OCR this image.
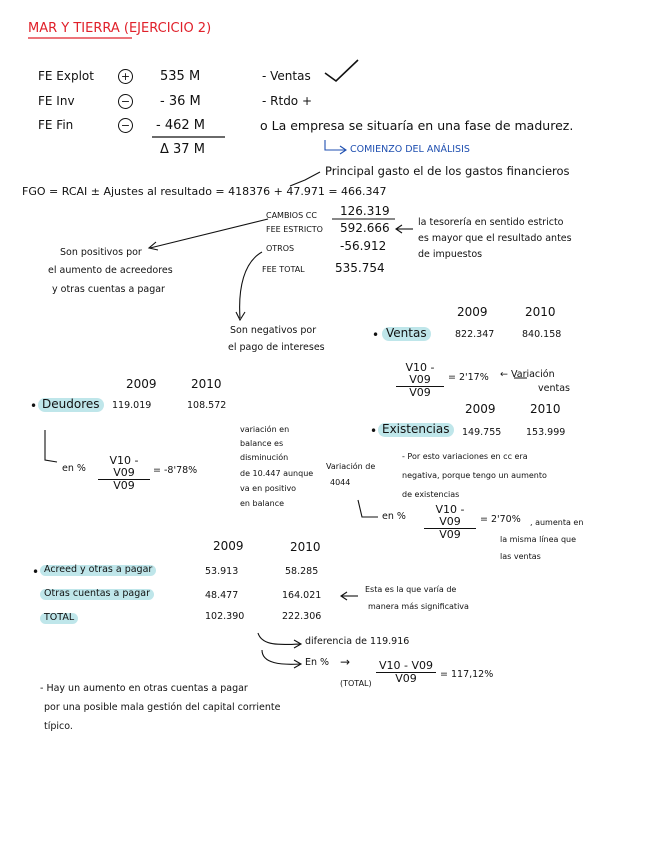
MAR Y TIERRA (EJERCICIO 2)
FE Explot + 535 M
FE Inv	− - 36 M
FE Fin	− - 462 M
Δ 37 M
- Ventas
- Rtdo +
o La empresa se situaría en una fase de madurez.
COMIENZO DEL ANÁLISIS
Principal gasto el de los gastos financieros
FGO = RCAI ± Ajustes al resultado = 418376 + 47.971 = 466.347
CAMBIOS CC 126.319
FEE ESTRICTO 592.666
OTROS	-56.912
FEE TOTAL	535.754
la tesorería en sentido estricto
es mayor que el resultado antes
de impuestos
Son positivos por
el aumento de acreedores
y otras cuentas a pagar
Son negativos por
el pago de intereses
2009	2010
• Ventas	822.347	840.158
$\frac{V10 - V09}{V09} = 2'17\%$ ← Variación
ventas
2009	2010
• Deudores	119.019	108.572
en % $\frac{V10 - V09}{V09} = -8'78\%$
variación en
balance es
disminución
de 10.447 aunque
va en positivo
en balance
2009	2010
• Existencias	149.755	153.999
Variación de
4044
- Por esto variaciones en cc era
negativa, porque tengo un aumento
de existencias
en % $\frac{V10 - V09}{V09} = 2'70\%$ , aumenta en
la misma línea que
las ventas
2009	2010
• Acreed y otras a pagar	53.913	58.285
Otras cuentas a pagar	48.477	164.021
TOTAL	102.390	222.306
Esta es la que varía de
manera más significativa
diferencia de 119.916
En % →
(TOTAL) $\frac{V10 - V09}{V09} = 117,12\%$
- Hay un aumento en otras cuentas a pagar
por una posible mala gestión del capital corriente
típico.
